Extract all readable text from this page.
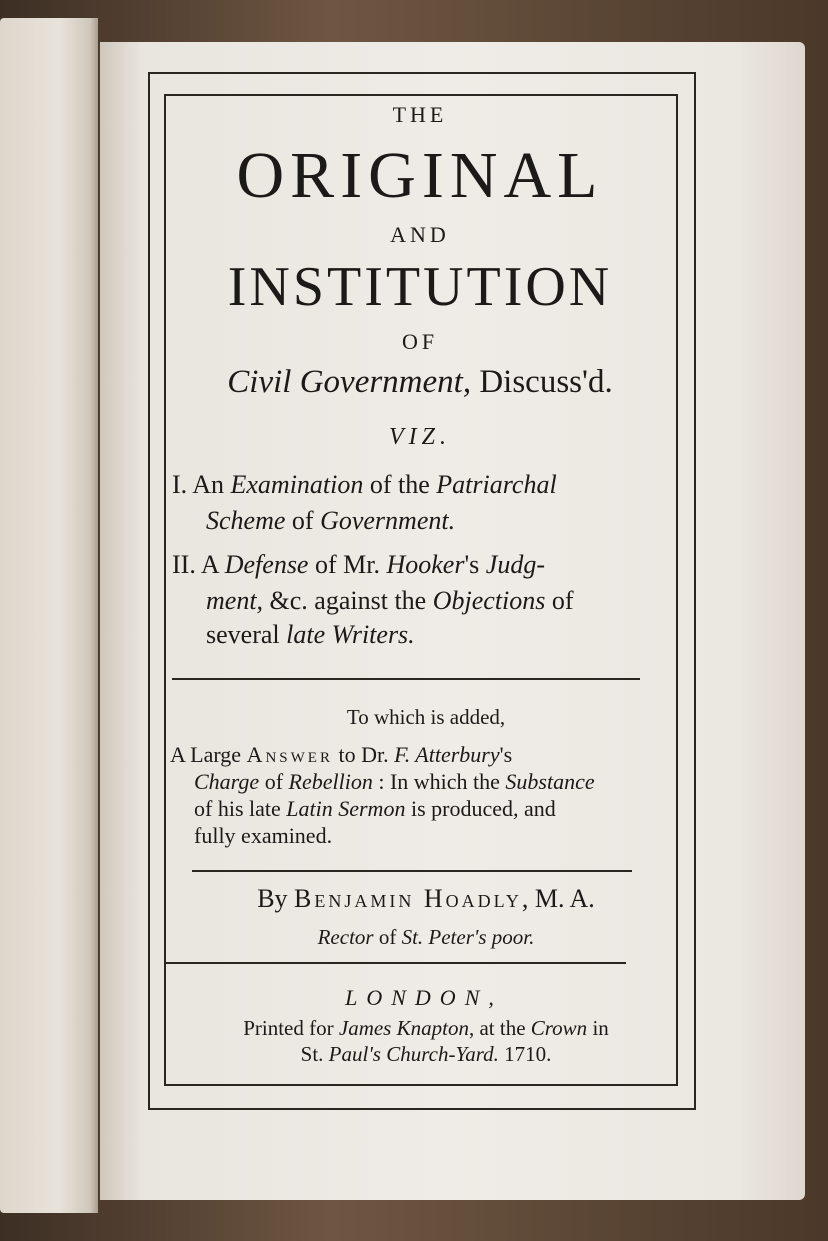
THE
ORIGINAL
AND
INSTITUTION
OF
Civil Government, Discuss'd.
VIZ.
I. An Examination of the Patriarchal
Scheme of Government.
II. A Defense of Mr. Hooker's Judg-
ment, &c. against the Objections of
several late Writers.
To which is added,
A Large Answer to Dr. F. Atterbury's
Charge of Rebellion : In which the Substance
of his late Latin Sermon is produced, and
fully examined.
By Benjamin Hoadly, M. A.
Rector of St. Peter's poor.
LONDON,
Printed for James Knapton, at the Crown in
St. Paul's Church-Yard. 1710.
